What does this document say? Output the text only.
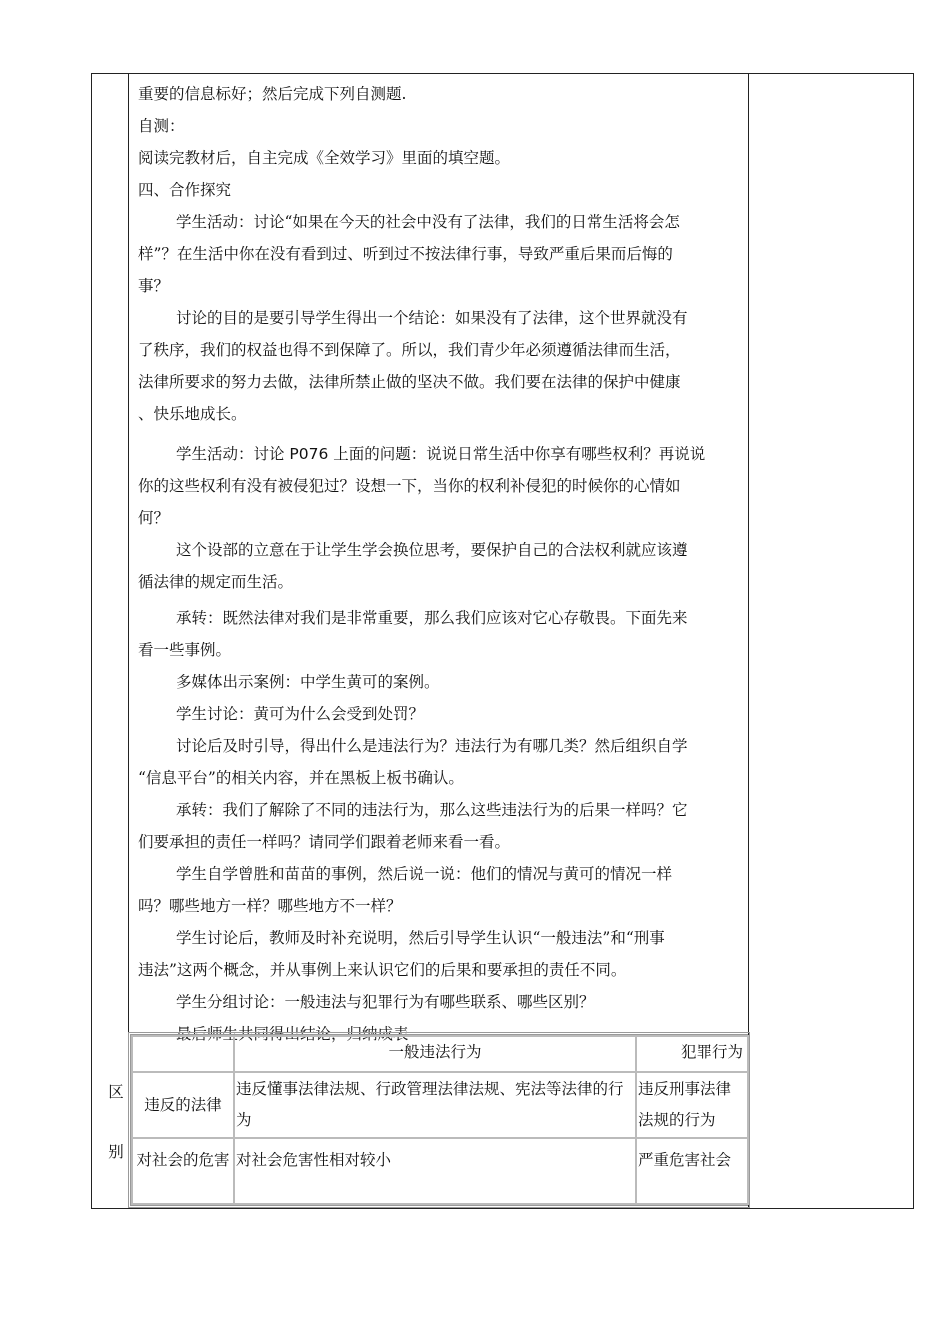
重要的信息标好；然后完成下列自测题.
自测：
阅读完教材后，自主完成《全效学习》里面的填空题。
四、合作探究
学生活动：讨论“如果在今天的社会中没有了法律，我们的日常生活将会怎
样”？在生活中你在没有看到过、听到过不按法律行事，导致严重后果而后悔的
事？
讨论的目的是要引导学生得出一个结论：如果没有了法律，这个世界就没有
了秩序，我们的权益也得不到保障了。所以，我们青少年必须遵循法律而生活，
法律所要求的努力去做，法律所禁止做的坚决不做。我们要在法律的保护中健康
、快乐地成长。
学生活动：讨论 P076 上面的问题：说说日常生活中你享有哪些权利？再说说
你的这些权利有没有被侵犯过？设想一下，当你的权利补侵犯的时候你的心情如
何？
这个设部的立意在于让学生学会换位思考，要保护自己的合法权利就应该遵
循法律的规定而生活。
承转：既然法律对我们是非常重要，那么我们应该对它心存敬畏。下面先来
看一些事例。
多媒体出示案例：中学生黄可的案例。
学生讨论：黄可为什么会受到处罚？
讨论后及时引导，得出什么是违法行为？违法行为有哪几类？然后组织自学
“信息平台”的相关内容，并在黑板上板书确认。
承转：我们了解除了不同的违法行为，那么这些违法行为的后果一样吗？它
们要承担的责任一样吗？请同学们跟着老师来看一看。
学生自学曾胜和苗苗的事例，然后说一说：他们的情况与黄可的情况一样
吗？哪些地方一样？哪些地方不一样？
学生讨论后，教师及时补充说明，然后引导学生认识“一般违法”和“刑事
违法”这两个概念，并从事例上来认识它们的后果和要承担的责任不同。
学生分组讨论：一般违法与犯罪行为有哪些联系、哪些区别？
最后师生共同得出结论，归纳成表
区
别
	一般违法行为	犯罪行为
违反的法律	违反懂事法律法规、行政管理法律法规、宪法等法律的行为	违反刑事法律法规的行为
对社会的危害	对社会危害性相对较小	严重危害社会
